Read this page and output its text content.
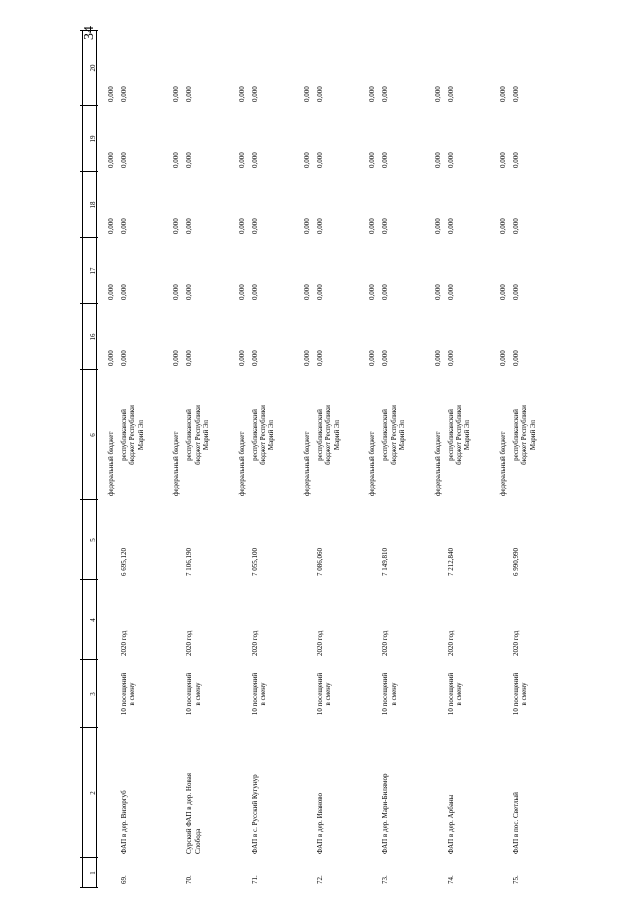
34
1
2
3
4
5
6
16
17
18
19
20
69.
ФАП в дер. Визоргуб
10 посещений в смену
2020 год
6 695,120
федеральный бюджет республиканский бюджет Республики Марий Эл
0,000 0,000
0,000 0,000
0,000 0,000
0,000 0,000
0,000 0,000
70.
Сурский ФАП в дер. Новая Слобода
10 посещений в смену
2020 год
7 106,190
федеральный бюджет республиканский бюджет Республики Марий Эл
0,000 0,000
0,000 0,000
0,000 0,000
0,000 0,000
0,000 0,000
71.
ФАП в с. Русский Кугунур
10 посещений в смену
2020 год
7 055,100
федеральный бюджет республиканский бюджет Республики Марий Эл
0,000 0,000
0,000 0,000
0,000 0,000
0,000 0,000
0,000 0,000
72.
ФАП в дер. Иваново
10 посещений в смену
2020 год
7 086,060
федеральный бюджет республиканский бюджет Республики Марий Эл
0,000 0,000
0,000 0,000
0,000 0,000
0,000 0,000
0,000 0,000
73.
ФАП в дер. Мари-Билямор
10 посещений в смену
2020 год
7 149,810
федеральный бюджет республиканский бюджет Республики Марий Эл
0,000 0,000
0,000 0,000
0,000 0,000
0,000 0,000
0,000 0,000
74.
ФАП в дер. Арбаны
10 посещений в смену
2020 год
7 212,840
федеральный бюджет республиканский бюджет Республики Марий Эл
0,000 0,000
0,000 0,000
0,000 0,000
0,000 0,000
0,000 0,000
75.
ФАП в пос. Светлый
10 посещений в смену
2020 год
6 990,990
федеральный бюджет республиканский бюджет Республики Марий Эл
0,000 0,000
0,000 0,000
0,000 0,000
0,000 0,000
0,000 0,000
